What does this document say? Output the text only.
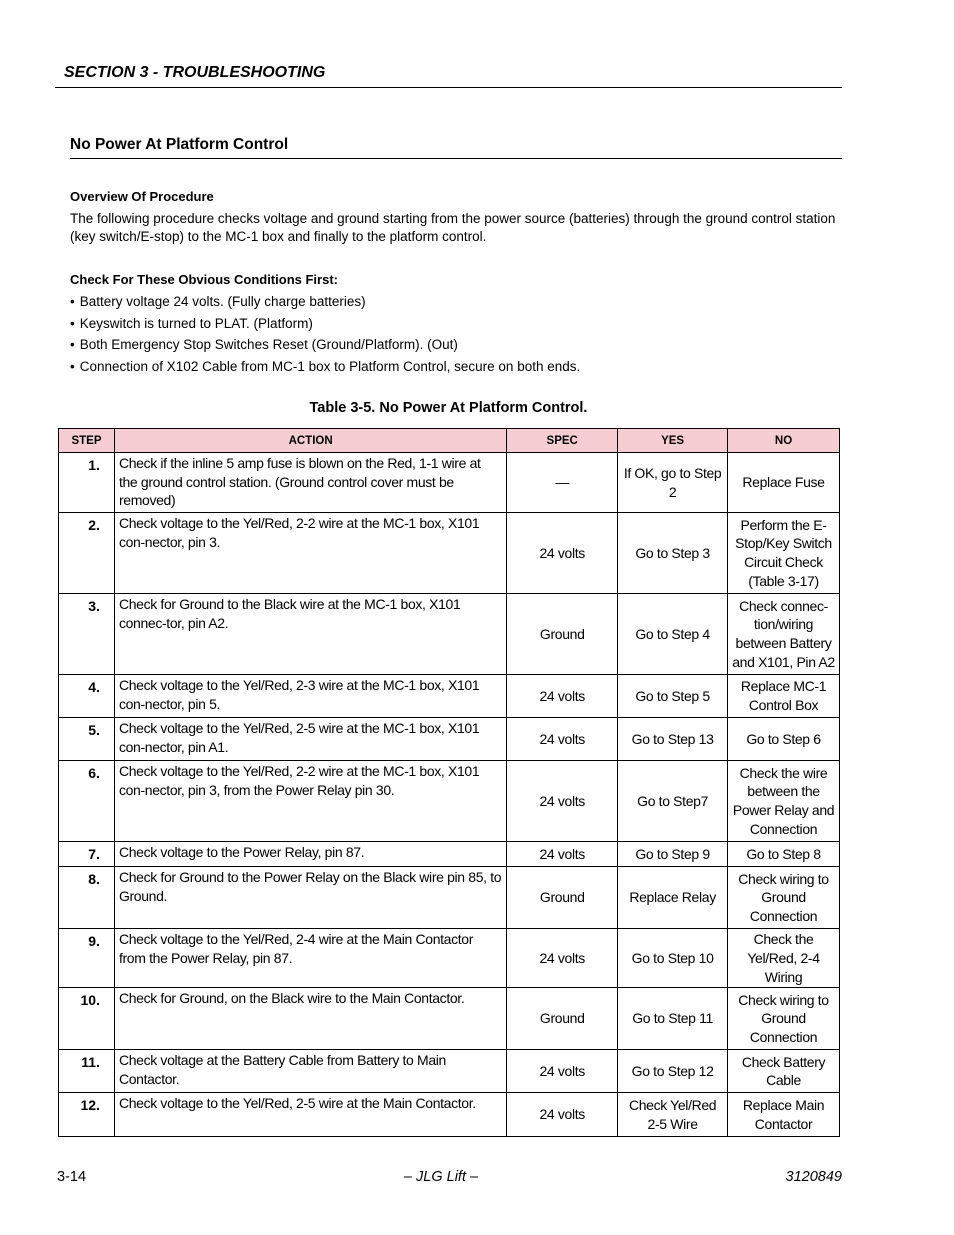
SECTION 3 - TROUBLESHOOTING
No Power At Platform Control
Overview Of Procedure
The following procedure checks voltage and ground starting from the power source (batteries) through the ground control station (key switch/E-stop) to the MC-1 box and finally to the platform control.
Check For These Obvious Conditions First:
• Battery voltage 24 volts. (Fully charge batteries)
• Keyswitch is turned to PLAT. (Platform)
• Both Emergency Stop Switches Reset (Ground/Platform). (Out)
• Connection of X102 Cable from MC-1 box to Platform Control, secure on both ends.
Table 3-5. No Power At Platform Control.
STEP	ACTION	SPEC	YES	NO
1.	Check if the inline 5 amp fuse is blown on the Red, 1-1 wire at the ground control station. (Ground control cover must be removed)	—	If OK, go to Step 2	Replace Fuse
2.	Check voltage to the Yel/Red, 2-2 wire at the MC-1 box, X101 con-nector, pin 3.	24 volts	Go to Step 3	Perform the E-Stop/Key Switch Circuit Check (Table 3-17)
3.	Check for Ground to the Black wire at the MC-1 box, X101 connec-tor, pin A2.	Ground	Go to Step 4	Check connec-tion/wiring between Battery and X101, Pin A2
4.	Check voltage to the Yel/Red, 2-3 wire at the MC-1 box, X101 con-nector, pin 5.	24 volts	Go to Step 5	Replace MC-1 Control Box
5.	Check voltage to the Yel/Red, 2-5 wire at the MC-1 box, X101 con-nector, pin A1.	24 volts	Go to Step 13	Go to Step 6
6.	Check voltage to the Yel/Red, 2-2 wire at the MC-1 box, X101 con-nector, pin 3, from the Power Relay pin 30.	24 volts	Go to Step7	Check the wire between the Power Relay and Connection
7.	Check voltage to the Power Relay, pin 87.	24 volts	Go to Step 9	Go to Step 8
8.	Check for Ground to the Power Relay on the Black wire pin 85, to Ground.	Ground	Replace Relay	Check wiring to Ground Connection
9.	Check voltage to the Yel/Red, 2-4 wire at the Main Contactor from the Power Relay, pin 87.	24 volts	Go to Step 10	Check the Yel/Red, 2-4 Wiring
10.	Check for Ground, on the Black wire to the Main Contactor.	Ground	Go to Step 11	Check wiring to Ground Connection
11.	Check voltage at the Battery Cable from Battery to Main Contactor.	24 volts	Go to Step 12	Check Battery Cable
12.	Check voltage to the Yel/Red, 2-5 wire at the Main Contactor.	24 volts	Check Yel/Red 2-5 Wire	Replace Main Contactor
3-14	– JLG Lift –	3120849
